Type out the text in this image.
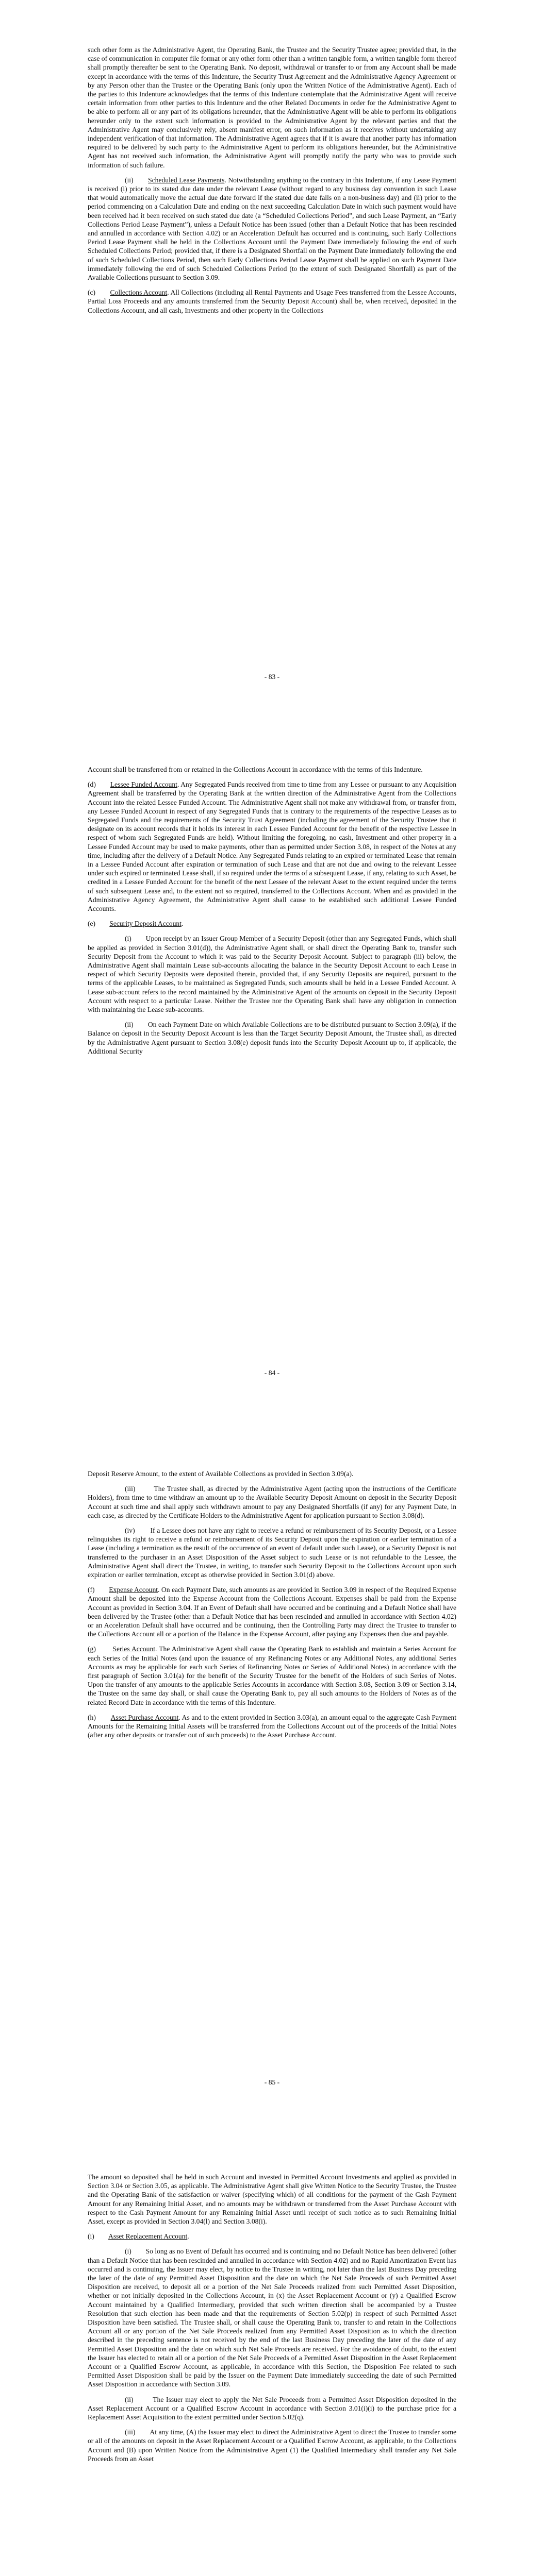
such other form as the Administrative Agent, the Operating Bank, the Trustee and the Security Trustee agree; provided that, in the case of communication in computer file format or any other form other than a written tangible form, a written tangible form thereof shall promptly thereafter be sent to the Operating Bank. No deposit, withdrawal or transfer to or from any Account shall be made except in accordance with the terms of this Indenture, the Security Trust Agreement and the Administrative Agency Agreement or by any Person other than the Trustee or the Operating Bank (only upon the Written Notice of the Administrative Agent). Each of the parties to this Indenture acknowledges that the terms of this Indenture contemplate that the Administrative Agent will receive certain information from other parties to this Indenture and the other Related Documents in order for the Administrative Agent to be able to perform all or any part of its obligations hereunder, that the Administrative Agent will be able to perform its obligations hereunder only to the extent such information is provided to the Administrative Agent by the relevant parties and that the Administrative Agent may conclusively rely, absent manifest error, on such information as it receives without undertaking any independent verification of that information. The Administrative Agent agrees that if it is aware that another party has information required to be delivered by such party to the Administrative Agent to perform its obligations hereunder, but the Administrative Agent has not received such information, the Administrative Agent will promptly notify the party who was to provide such information of such failure.

(ii) Scheduled Lease Payments. Notwithstanding anything to the contrary in this Indenture, if any Lease Payment is received (i) prior to its stated due date under the relevant Lease (without regard to any business day convention in such Lease that would automatically move the actual due date forward if the stated due date falls on a non-business day) and (ii) prior to the period commencing on a Calculation Date and ending on the next succeeding Calculation Date in which such payment would have been received had it been received on such stated due date (a “Scheduled Collections Period”, and such Lease Payment, an “Early Collections Period Lease Payment”), unless a Default Notice has been issued (other than a Default Notice that has been rescinded and annulled in accordance with Section 4.02) or an Acceleration Default has occurred and is continuing, such Early Collections Period Lease Payment shall be held in the Collections Account until the Payment Date immediately following the end of such Scheduled Collections Period; provided that, if there is a Designated Shortfall on the Payment Date immediately following the end of such Scheduled Collections Period, then such Early Collections Period Lease Payment shall be applied on such Payment Date immediately following the end of such Scheduled Collections Period (to the extent of such Designated Shortfall) as part of the Available Collections pursuant to Section 3.09.

(c) Collections Account. All Collections (including all Rental Payments and Usage Fees transferred from the Lessee Accounts, Partial Loss Proceeds and any amounts transferred from the Security Deposit Account) shall be, when received, deposited in the Collections Account, and all cash, Investments and other property in the Collections

- 83 -

Account shall be transferred from or retained in the Collections Account in accordance with the terms of this Indenture.

(d) Lessee Funded Account. Any Segregated Funds received from time to time from any Lessee or pursuant to any Acquisition Agreement shall be transferred by the Operating Bank at the written direction of the Administrative Agent from the Collections Account into the related Lessee Funded Account. The Administrative Agent shall not make any withdrawal from, or transfer from, any Lessee Funded Account in respect of any Segregated Funds that is contrary to the requirements of the respective Leases as to Segregated Funds and the requirements of the Security Trust Agreement (including the agreement of the Security Trustee that it designate on its account records that it holds its interest in each Lessee Funded Account for the benefit of the respective Lessee in respect of whom such Segregated Funds are held). Without limiting the foregoing, no cash, Investment and other property in a Lessee Funded Account may be used to make payments, other than as permitted under Section 3.08, in respect of the Notes at any time, including after the delivery of a Default Notice. Any Segregated Funds relating to an expired or terminated Lease that remain in a Lessee Funded Account after expiration or termination of such Lease and that are not due and owing to the relevant Lessee under such expired or terminated Lease shall, if so required under the terms of a subsequent Lease, if any, relating to such Asset, be credited in a Lessee Funded Account for the benefit of the next Lessee of the relevant Asset to the extent required under the terms of such subsequent Lease and, to the extent not so required, transferred to the Collections Account. When and as provided in the Administrative Agency Agreement, the Administrative Agent shall cause to be established such additional Lessee Funded Accounts.

(e) Security Deposit Account.

(i) Upon receipt by an Issuer Group Member of a Security Deposit (other than any Segregated Funds, which shall be applied as provided in Section 3.01(d)), the Administrative Agent shall, or shall direct the Operating Bank to, transfer such Security Deposit from the Account to which it was paid to the Security Deposit Account. Subject to paragraph (iii) below, the Administrative Agent shall maintain Lease sub-accounts allocating the balance in the Security Deposit Account to each Lease in respect of which Security Deposits were deposited therein, provided that, if any Security Deposits are required, pursuant to the terms of the applicable Leases, to be maintained as Segregated Funds, such amounts shall be held in a Lessee Funded Account. A Lease sub-account refers to the record maintained by the Administrative Agent of the amounts on deposit in the Security Deposit Account with respect to a particular Lease. Neither the Trustee nor the Operating Bank shall have any obligation in connection with maintaining the Lease sub-accounts.

(ii) On each Payment Date on which Available Collections are to be distributed pursuant to Section 3.09(a), if the Balance on deposit in the Security Deposit Account is less than the Target Security Deposit Amount, the Trustee shall, as directed by the Administrative Agent pursuant to Section 3.08(e) deposit funds into the Security Deposit Account up to, if applicable, the Additional Security

- 84 -

Deposit Reserve Amount, to the extent of Available Collections as provided in Section 3.09(a).

(iii)	The Trustee shall, as directed by the Administrative Agent (acting upon the instructions of the Certificate Holders), from time to time withdraw an amount up to the Available Security Deposit Amount on deposit in the Security Deposit Account at such time and shall apply such withdrawn amount to pay any Designated Shortfalls (if any) for any Payment Date, in each case, as directed by the Certificate Holders to the Administrative Agent for application pursuant to Section 3.08(d).

(iv) If a Lessee does not have any right to receive a refund or reimbursement of its Security Deposit, or a Lessee relinquishes its right to receive a refund or reimbursement of its Security Deposit upon the expiration or earlier termination of a Lease (including a termination as the result of the occurrence of an event of default under such Lease), or a Security Deposit is not transferred to the purchaser in an Asset Disposition of the Asset subject to such Lease or is not refundable to the Lessee, the Administrative Agent shall direct the Trustee, in writing, to transfer such Security Deposit to the Collections Account upon such expiration or earlier termination, except as otherwise provided in Section 3.01(d) above.

(f) Expense Account. On each Payment Date, such amounts as are provided in Section 3.09 in respect of the Required Expense Amount shall be deposited into the Expense Account from the Collections Account. Expenses shall be paid from the Expense Account as provided in Section 3.04. If an Event of Default shall have occurred and be continuing and a Default Notice shall have been delivered by the Trustee (other than a Default Notice that has been rescinded and annulled in accordance with Section 4.02) or an Acceleration Default shall have occurred and be continuing, then the Controlling Party may direct the Trustee to transfer to the Collections Account all or a portion of the Balance in the Expense Account, after paying any Expenses then due and payable.

(g) Series Account. The Administrative Agent shall cause the Operating Bank to establish and maintain a Series Account for each Series of the Initial Notes (and upon the issuance of any Refinancing Notes or any Additional Notes, any additional Series Accounts as may be applicable for each such Series of Refinancing Notes or Series of Additional Notes) in accordance with the first paragraph of Section 3.01(a) for the benefit of the Security Trustee for the benefit of the Holders of such Series of Notes. Upon the transfer of any amounts to the applicable Series Accounts in accordance with Section 3.08, Section 3.09 or Section 3.14, the Trustee on the same day shall, or shall cause the Operating Bank to, pay all such amounts to the Holders of Notes as of the related Record Date in accordance with the terms of this Indenture.

(h) Asset Purchase Account. As and to the extent provided in Section 3.03(a), an amount equal to the aggregate Cash Payment Amounts for the Remaining Initial Assets will be transferred from the Collections Account out of the proceeds of the Initial Notes (after any other deposits or transfer out of such proceeds) to the Asset Purchase Account.

- 85 -

The amount so deposited shall be held in such Account and invested in Permitted Account Investments and applied as provided in Section 3.04 or Section 3.05, as applicable. The Administrative Agent shall give Written Notice to the Security Trustee, the Trustee and the Operating Bank of the satisfaction or waiver (specifying which) of all conditions for the payment of the Cash Payment Amount for any Remaining Initial Asset, and no amounts may be withdrawn or transferred from the Asset Purchase Account with respect to the Cash Payment Amount for any Remaining Initial Asset until receipt of such notice as to such Remaining Initial Asset, except as provided in Section 3.04(l) and Section 3.08(i).

(i) Asset Replacement Account.

(i) So long as no Event of Default has occurred and is continuing and no Default Notice has been delivered (other than a Default Notice that has been rescinded and annulled in accordance with Section 4.02) and no Rapid Amortization Event has occurred and is continuing, the Issuer may elect, by notice to the Trustee in writing, not later than the last Business Day preceding the later of the date of any Permitted Asset Disposition and the date on which the Net Sale Proceeds of such Permitted Asset Disposition are received, to deposit all or a portion of the Net Sale Proceeds realized from such Permitted Asset Disposition, whether or not initially deposited in the Collections Account, in (x) the Asset Replacement Account or (y) a Qualified Escrow Account maintained by a Qualified Intermediary, provided that such written direction shall be accompanied by a Trustee Resolution that such election has been made and that the requirements of Section 5.02(p) in respect of such Permitted Asset Disposition have been satisfied. The Trustee shall, or shall cause the Operating Bank to, transfer to and retain in the Collections Account all or any portion of the Net Sale Proceeds realized from any Permitted Asset Disposition as to which the direction described in the preceding sentence is not received by the end of the last Business Day preceding the later of the date of any Permitted Asset Disposition and the date on which such Net Sale Proceeds are received. For the avoidance of doubt, to the extent the Issuer has elected to retain all or a portion of the Net Sale Proceeds of a Permitted Asset Disposition in the Asset Replacement Account or a Qualified Escrow Account, as applicable, in accordance with this Section, the Disposition Fee related to such Permitted Asset Disposition shall be paid by the Issuer on the Payment Date immediately succeeding the date of such Permitted Asset Disposition in accordance with Section 3.09.

(ii)	The Issuer may elect to apply the Net Sale Proceeds from a Permitted Asset Disposition deposited in the Asset Replacement Account or a Qualified Escrow Account in accordance with Section 3.01(i)(i) to the purchase price for a Replacement Asset Acquisition to the extent permitted under Section 5.02(q).

(iii) At any time, (A) the Issuer may elect to direct the Administrative Agent to direct the Trustee to transfer some or all of the amounts on deposit in the Asset Replacement Account or a Qualified Escrow Account, as applicable, to the Collections Account and (B) upon Written Notice from the Administrative Agent (1) the Qualified Intermediary shall transfer any Net Sale Proceeds from an Asset
